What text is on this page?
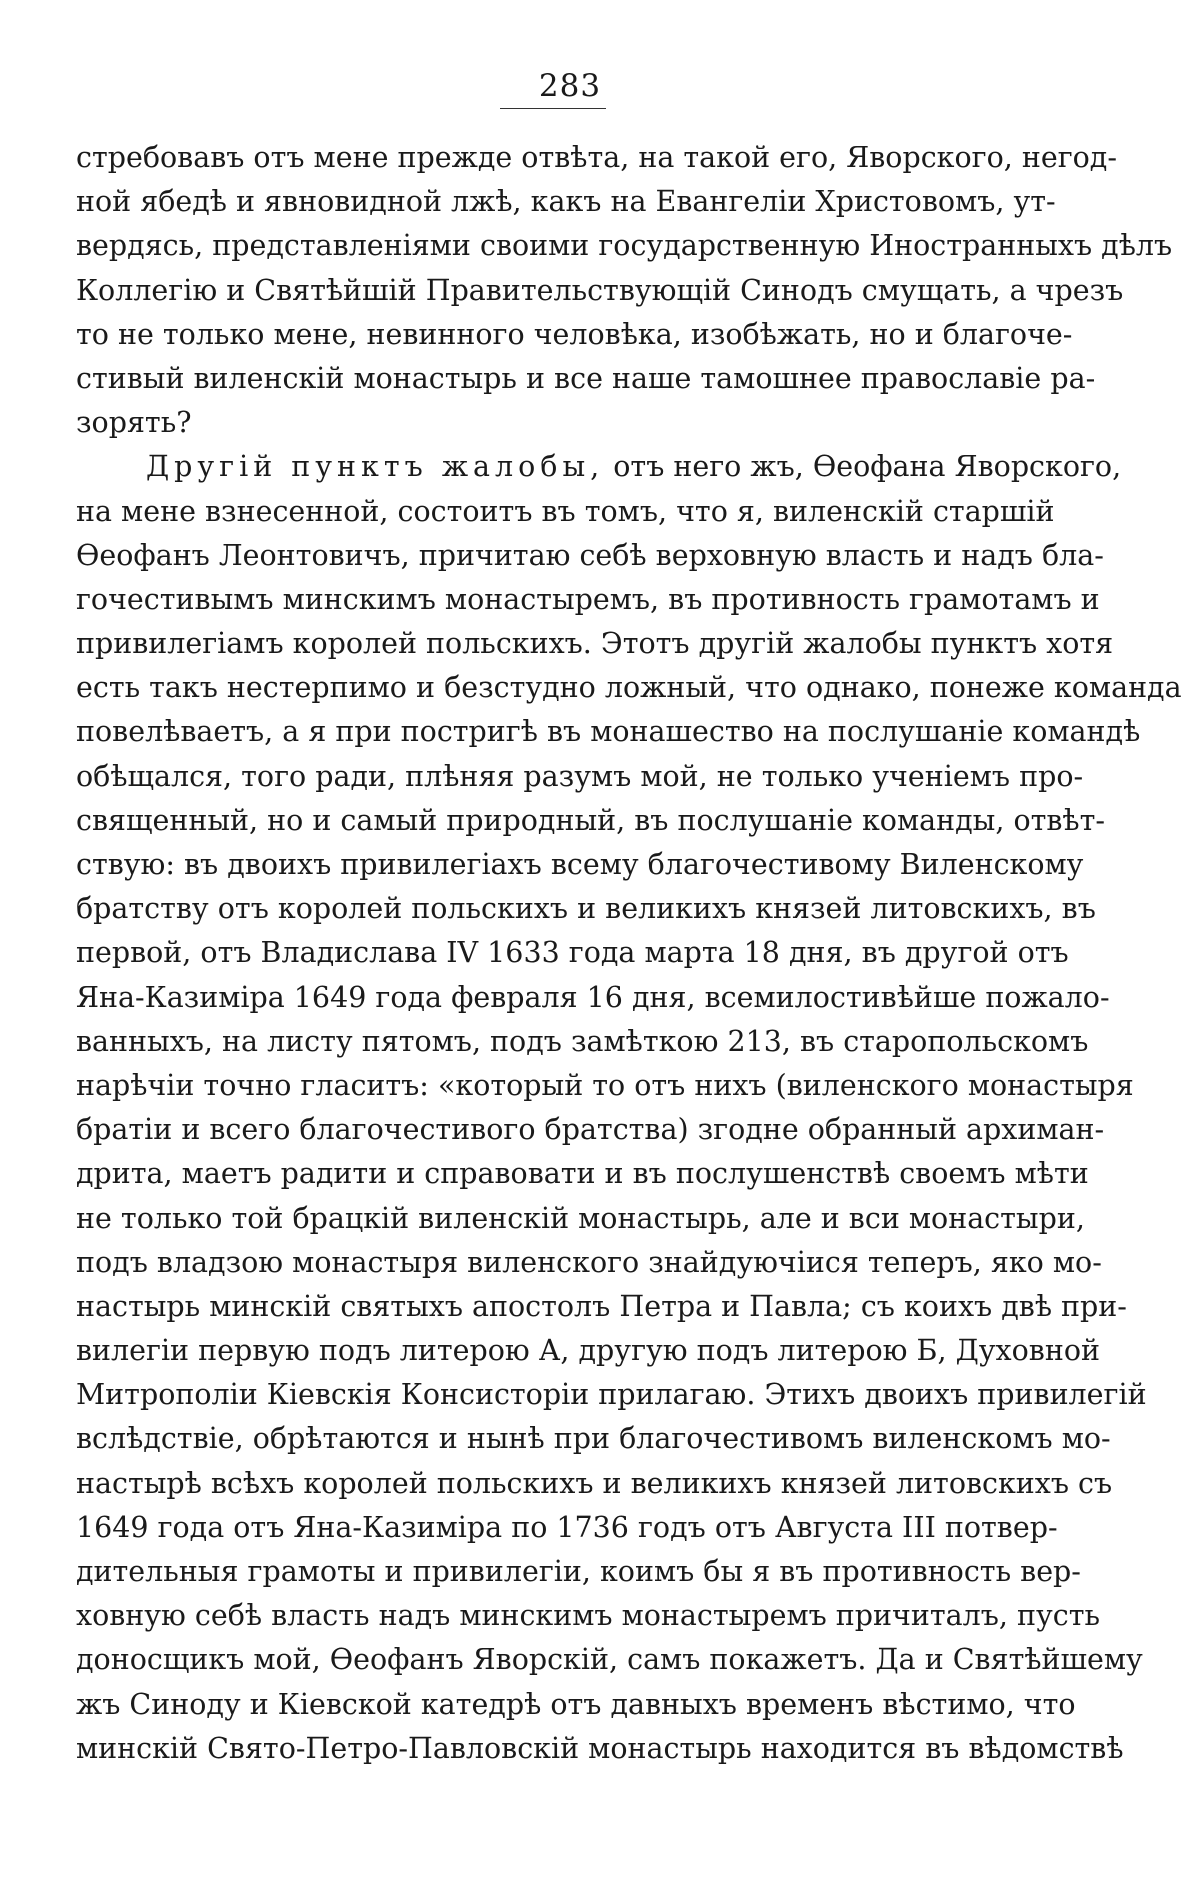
283
стребовавъ отъ мене прежде отвѣта, на такой его, Яворского, негод-
ной ябедѣ и явновидной лжѣ, какъ на Евангеліи Христовомъ, ут-
вердясь, представленіями своими государственную Иностранныхъ дѣлъ
Коллегію и Святѣйшій Правительствующій Синодъ смущать, а чрезъ
то не только мене, невинного человѣка, изобѣжать, но и благоче-
стивый виленскій монастырь и все наше тамошнее православіе ра-
зорять?
Другій пунктъ жалобы, отъ него жъ, Ѳеофана Яворского,
на мене взнесенной, состоитъ въ томъ, что я, виленскій старшій
Ѳеофанъ Леонтовичъ, причитаю себѣ верховную власть и надъ бла-
гочестивымъ минскимъ монастыремъ, въ противность грамотамъ и
привилегіамъ королей польскихъ. Этотъ другій жалобы пунктъ хотя
есть такъ нестерпимо и безстудно ложный, что однако, понеже команда
повелѣваетъ, а я при постригѣ въ монашество на послушаніе командѣ
обѣщался, того ради, плѣняя разумъ мой, не только ученіемъ про-
свящeнный, но и самый природный, въ послушаніе команды, отвѣт-
ствую: въ двоихъ привилегіахъ всему благочестивому Виленскому
братству отъ королей польскихъ и великихъ князей литовскихъ, въ
первой, отъ Владислава IV 1633 года марта 18 дня, въ другой отъ
Яна-Казиміра 1649 года февраля 16 дня, всемилостивѣйше пожало-
ванныхъ, на листу пятомъ, подъ замѣткою 213, въ старопольскомъ
нарѣчіи точно гласитъ: «который то отъ нихъ (виленского монастыря
братіи и всего благочестивого братства) згодне обранный архиман-
дрита, маетъ радити и справовати и въ послушенствѣ своемъ мѣти
не только той брацкій виленскій монастырь, але и вси монастыри,
подъ владзою монастыря виленского знайдуючіися теперъ, яко мо-
настырь минскій святыхъ апостолъ Петра и Павла; съ коихъ двѣ при-
вилегіи первую подъ литерою А, другую подъ литерою Б, Духовной
Митрополіи Кіевскія Консисторіи прилагаю. Этихъ двоихъ привилегій
вслѣдствіе, обрѣтаются и нынѣ при благочестивомъ виленскомъ мо-
настырѣ всѣхъ королей польскихъ и великихъ князей литовскихъ съ
1649 года отъ Яна-Казиміра по 1736 годъ отъ Августа III потвер-
дительныя грамоты и привилегіи, коимъ бы я въ противность вер-
ховную себѣ власть надъ минскимъ монастыремъ причиталъ, пусть
доносщикъ мой, Ѳеофанъ Яворскій, самъ покажетъ. Да и Святѣйшему
жъ Синоду и Кіевской катедрѣ отъ давныхъ временъ вѣстимо, что
минскій Свято-Петро-Павловскій монастырь находится въ вѣдомствѣ
